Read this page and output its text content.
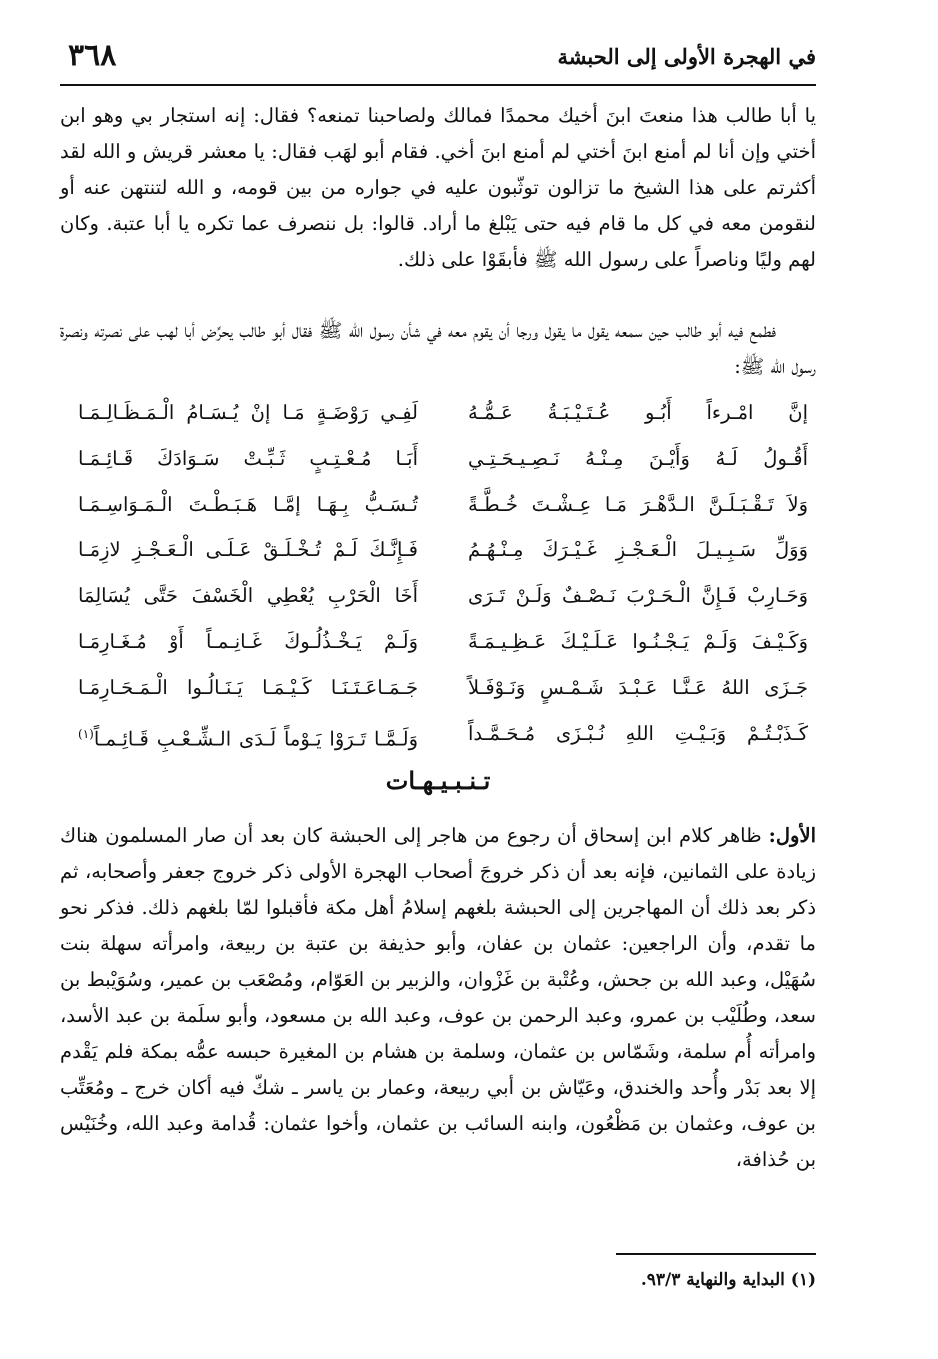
في الهجرة الأولى إلى الحبشة
٣٦٨

يا أبا طالب هذا منعتَ ابنَ أخيك محمدًا فمالك ولصاحبنا تمنعه؟ فقال: إنه استجار بي وهو ابن أختي وإن أنا لم أمنع ابنَ أختي لم أمنع ابنَ أخي. فقام أبو لهَب فقال: يا معشر قريش و الله لقد أكثرتم على هذا الشيخ ما تزالون توثّبون عليه في جواره من بين قومه، و الله لتنتهن عنه أو لنقومن معه في كل ما قام فيه حتى يَبْلغ ما أراد. قالوا: بل ننصرف عما تكره يا أبا عتبة. وكان لهم وليًا وناصراً على رسول الله ﷺ فأبقَوْا على ذلك.

فطمع فيه أبو طالب حين سمعه يقول ما يقول ورجا أن يقوم معه في شأن رسول الله ﷺ فقال أبو طالب يحرِّض أبا لهب على نصرته ونصرة رسول الله ﷺ:

إنَّ امْـرءاً أَبُـو عُـتَـيْـبَـةُ عَـمُّـهُ
لَفِـي رَوْضَـةٍ مَـا إنْ يُـسَـامُ الْـمَـظَـالِـمَـا
أَقُـولُ لَـهُ وَأَيْـنَ مِـنْـهُ نَـصِـيـحَـتِـي
أَبَـا مُـعْـتِـبٍ ثَـبِّـتْ سَـوَادَكَ قَـائِـمَـا
وَلاَ تَـقْـبَـلَـنَّ الـدَّهْـرَ مَـا عِـشْـتَ خُـطَّـةً
تُـسَـبُّ بِـهَـا إمَّـا هَـبَـطْـتَ الْـمَـوَاسِـمَـا
وَوَلِّ سَـبِـيـلَ الْـعَـجْـزِ غَـيْـرَكَ مِـنْـهُـمُ
فَـإِنَّـكَ لَـمْ تُـخْـلَـقْ عَـلَـى الْـعَـجْـزِ لازِمَـا
وَحَـارِبْ فَـإِنَّ الْـحَـرْبَ نَـصْـفٌ وَلَـنْ تَـرَى
أَخَا الْحَرْبِ يُعْطِي الْخَسْفَ حَتَّى يُسَالِمَا
وَكَـيْـفَ وَلَـمْ يَـجْـنُـوا عَـلَـيْـكَ عَـظِـيـمَـةً
وَلَـمْ يَـخْـذُلُـوكَ غَـانِـمـاً أَوْ مُـغَـارِمَـا
جَـزَى اللهُ عَـنَّـا عَـبْـدَ شَـمْـسٍ وَنَـوْفَـلاً
جَـمَـاعَـتَـنَـا كَـيْـمَـا يَـنَـالُـوا الْـمَـحَـارِمَـا
كَـذَبْـتُـمْ وَبَـيْـتِ اللهِ نُـبْـزَى مُـحَـمَّـداً
وَلَـمَّـا تَـرَوْا يَـوْماً لَـدَى الـشِّـعْـبِ قَـائِـمـاً$^{(١)}$
تـنـبـيـهـات

الأول: ظاهر كلام ابن إسحاق أن رجوع من هاجر إلى الحبشة كان بعد أن صار المسلمون هناك زيادة على الثمانين، فإنه بعد أن ذكر خروجَ أصحاب الهجرة الأولى ذكر خروج جعفر وأصحابه، ثم ذكر بعد ذلك أن المهاجرين إلى الحبشة بلغهم إسلامُ أهل مكة فأقبلوا لمّا بلغهم ذلك. فذكر نحو ما تقدم، وأن الراجعين: عثمان بن عفان، وأبو حذيفة بن عتبة بن ربيعة، وامرأته سهلة بنت سُهَيْل، وعبد الله بن جحش، وعُتْبة بن غَزْوان، والزبير بن العَوّام، ومُصْعَب بن عمير، وسُوَيْبط بن سعد، وطُلَيْب بن عمرو، وعبد الرحمن بن عوف، وعبد الله بن مسعود، وأبو سلَمة بن عبد الأسد، وامرأته أُم سلمة، وشَمّاس بن عثمان، وسلمة بن هشام بن المغيرة حبسه عمُّه بمكة فلم يَقْدم إلا بعد بَدْر وأُحد والخندق، وعَيّاش بن أبي ربيعة، وعمار بن ياسر ـ شكّ فيه أكان خرج ـ ومُعَتِّب بن عوف، وعثمان بن مَظْعُون، وابنه السائب بن عثمان، وأخوا عثمان: قُدامة وعبد الله، وخُنَيْس بن حُذافة،

(١) البداية والنهاية ٩٣/٣.
